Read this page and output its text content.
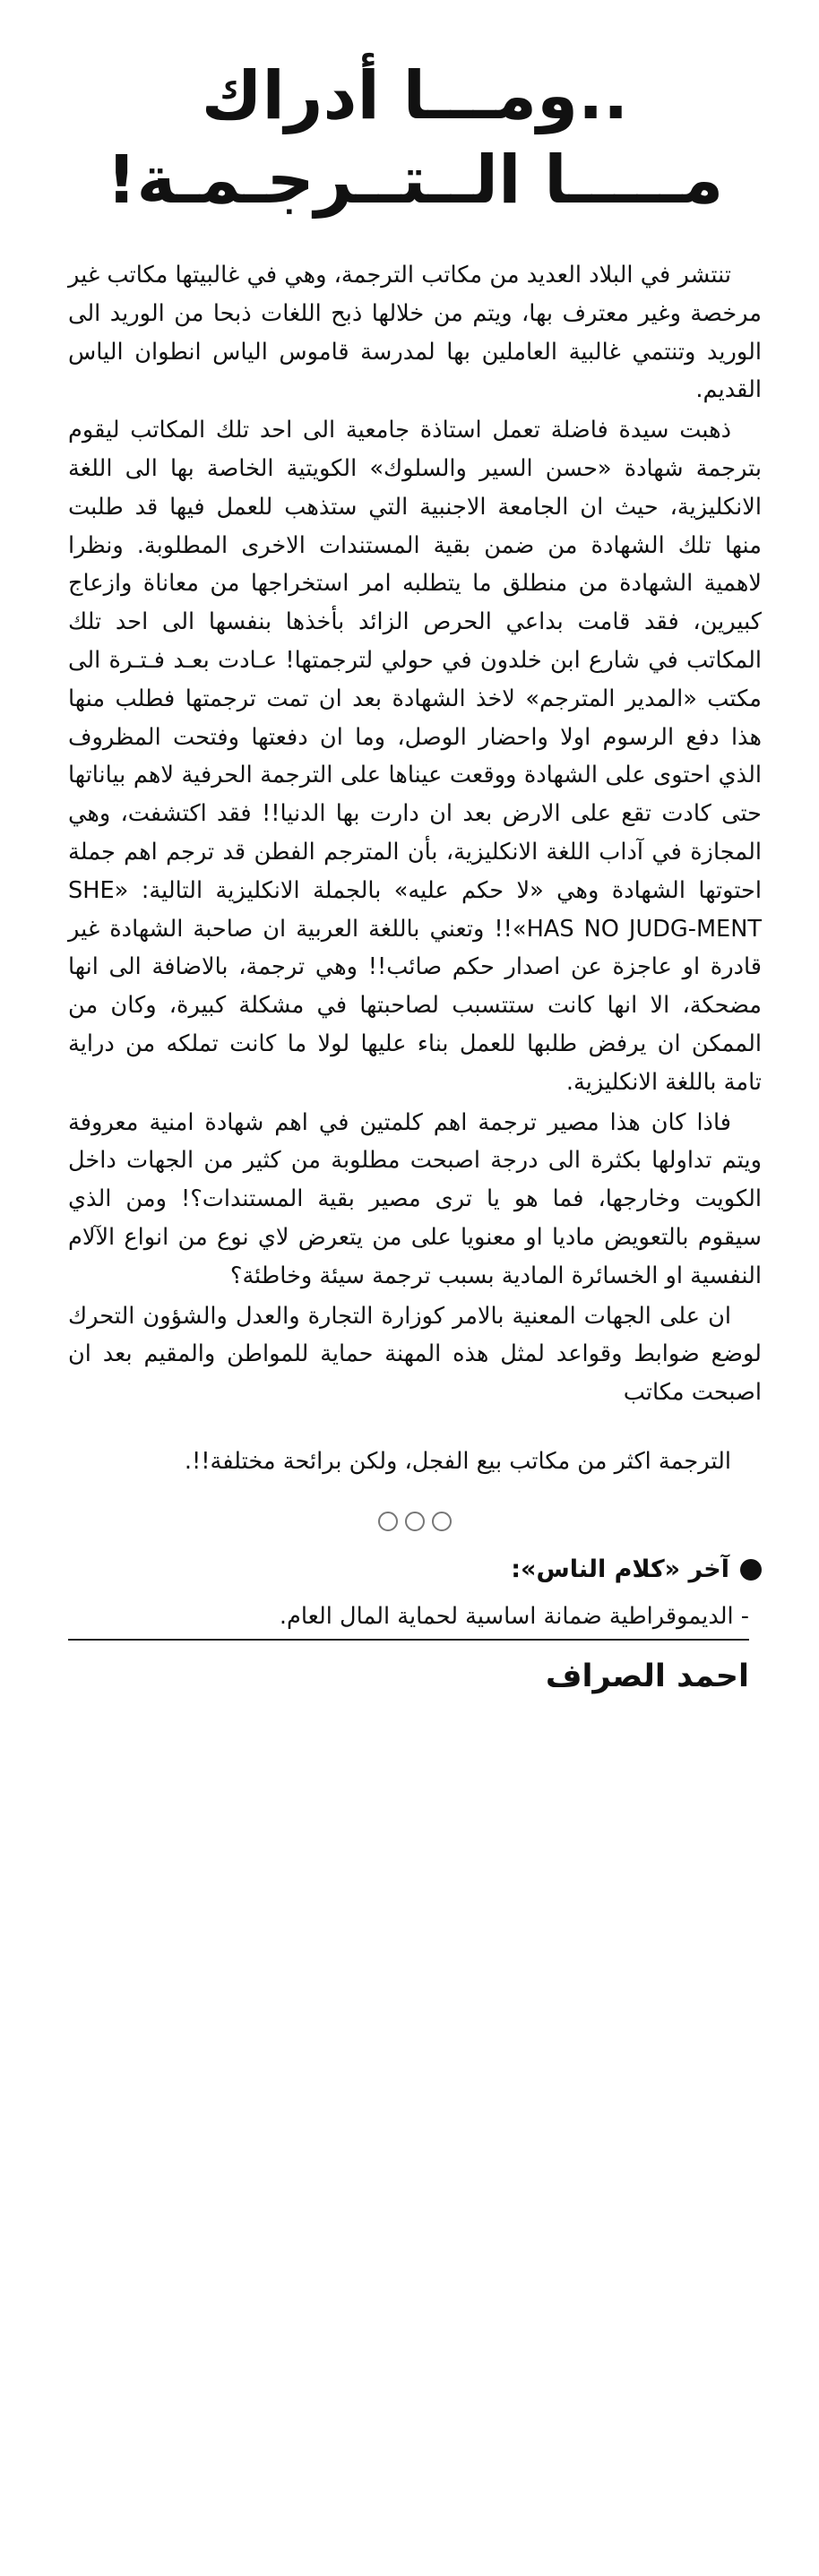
..ومـــا أدراك
مـــــا الــتــرجـمـة!

تنتشر في البلاد العديد من مكاتب الترجمة، وهي في غالبيتها مكاتب غير مرخصة وغير معترف بها، ويتم من خلالها ذبح اللغات ذبحا من الوريد الى الوريد وتنتمي غالبية العاملين بها لمدرسة قاموس الياس انطوان الياس القديم.

ذهبت سيدة فاضلة تعمل استاذة جامعية الى احد تلك المكاتب ليقوم بترجمة شهادة «حسن السير والسلوك» الكويتية الخاصة بها الى اللغة الانكليزية، حيث ان الجامعة الاجنبية التي ستذهب للعمل فيها قد طلبت منها تلك الشهادة من ضمن بقية المستندات الاخرى المطلوبة. ونظرا لاهمية الشهادة من منطلق ما يتطلبه امر استخراجها من معاناة وازعاج كبيرين، فقد قامت بداعي الحرص الزائد بأخذها بنفسها الى احد تلك المكاتب في شارع ابن خلدون في حولي لترجمتها! عـادت بعـد فـتـرة الى مكتب «المدير المترجم» لاخذ الشهادة بعد ان تمت ترجمتها فطلب منها هذا دفع الرسوم اولا واحضار الوصل، وما ان دفعتها وفتحت المظروف الذي احتوى على الشهادة ووقعت عيناها على الترجمة الحرفية لاهم بياناتها حتى كادت تقع على الارض بعد ان دارت بها الدنيا!! فقد اكتشفت، وهي المجازة في آداب اللغة الانكليزية، بأن المترجم الفطن قد ترجم اهم جملة احتوتها الشهادة وهي «لا حكم عليه» بالجملة الانكليزية التالية: «SHE HAS NO JUDG-MENT»!! وتعني باللغة العربية ان صاحبة الشهادة غير قادرة او عاجزة عن اصدار حكم صائب!! وهي ترجمة، بالاضافة الى انها مضحكة، الا انها كانت ستتسبب لصاحبتها في مشكلة كبيرة، وكان من الممكن ان يرفض طلبها للعمل بناء عليها لولا ما كانت تملكه من دراية تامة باللغة الانكليزية.

فاذا كان هذا مصير ترجمة اهم كلمتين في اهم شهادة امنية معروفة ويتم تداولها بكثرة الى درجة اصبحت مطلوبة من كثير من الجهات داخل الكويت وخارجها، فما هو يا ترى مصير بقية المستندات؟! ومن الذي سيقوم بالتعويض ماديا او معنويا على من يتعرض لاي نوع من انواع الآلام النفسية او الخسائرة المادية بسبب ترجمة سيئة وخاطئة؟

ان على الجهات المعنية بالامر كوزارة التجارة والعدل والشؤون التحرك لوضع ضوابط وقواعد لمثل هذه المهنة حماية للمواطن والمقيم بعد ان اصبحت مكاتب

الترجمة اكثر من مكاتب بيع الفجل، ولكن برائحة مختلفة!!.

آخر «كلام الناس»:
- الديموقراطية ضمانة اساسية لحماية المال العام.
احمد الصراف
